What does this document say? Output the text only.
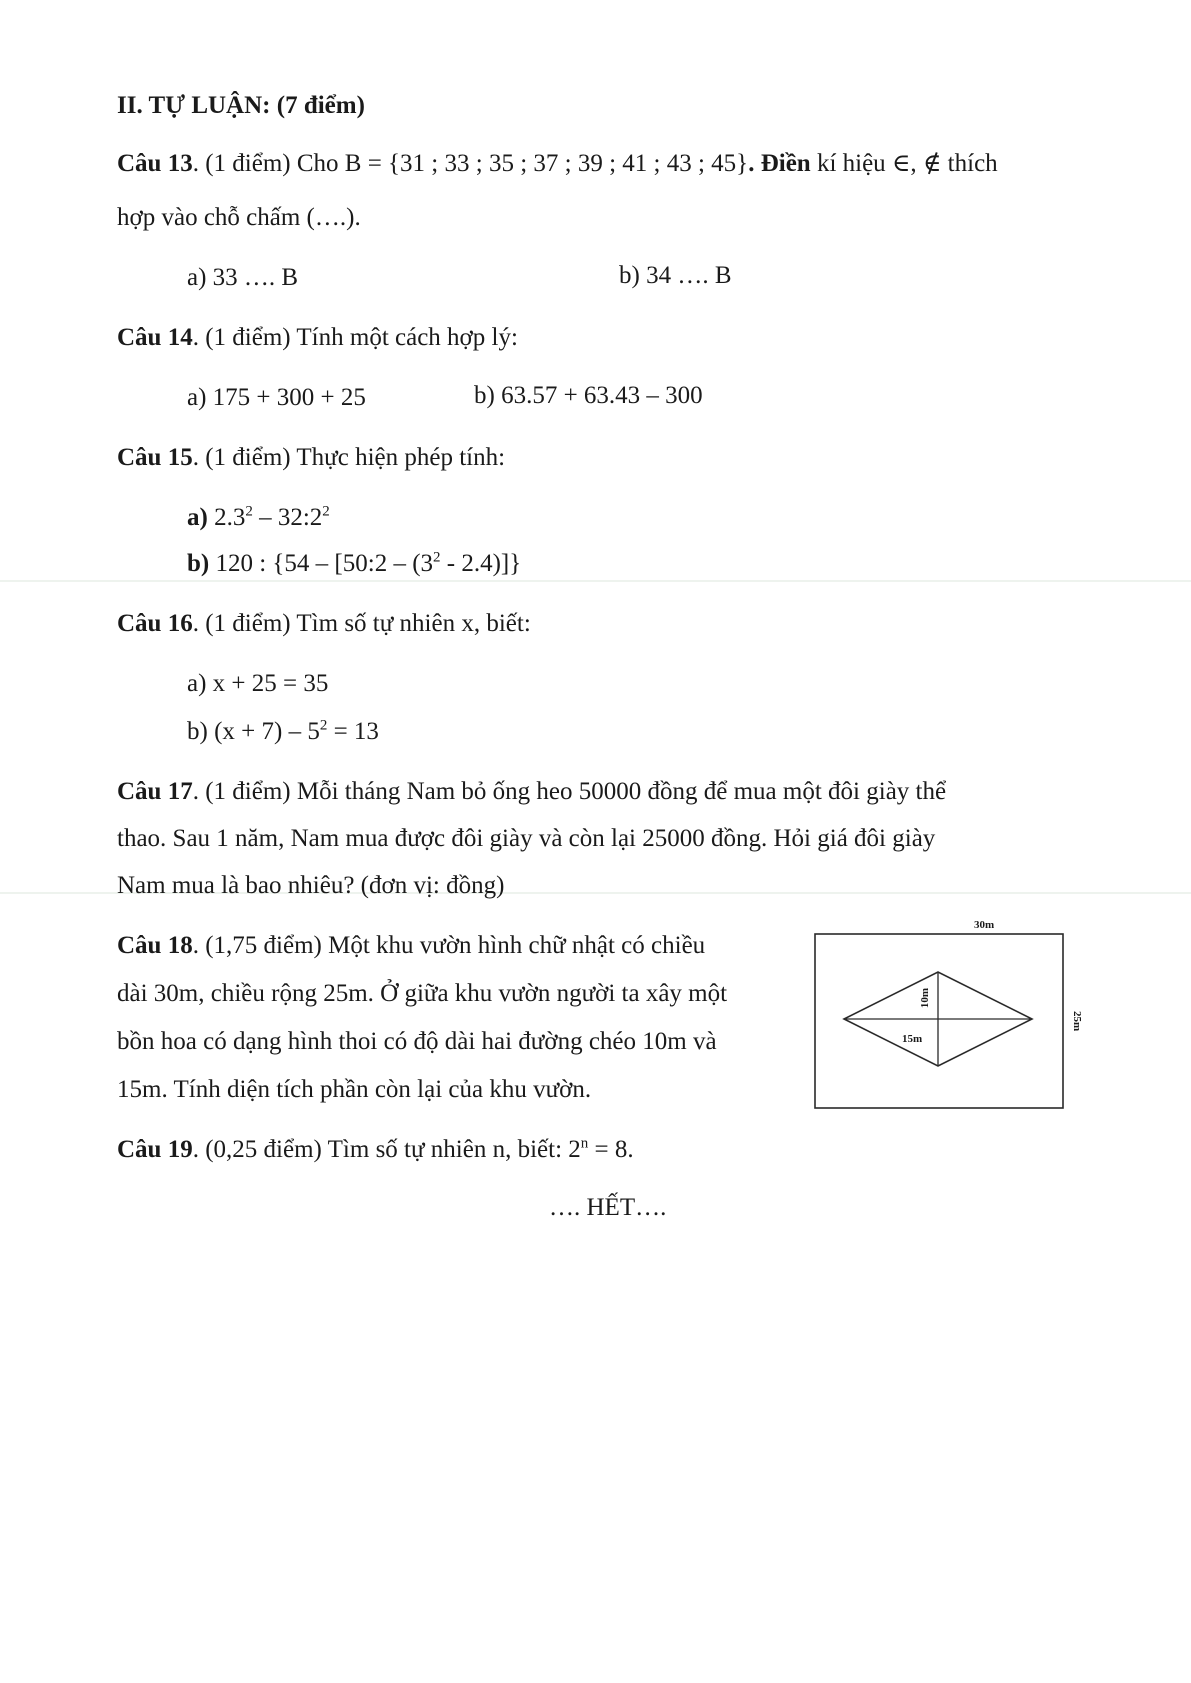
II. TỰ LUẬN: (7 điểm)
Câu 13. (1 điểm) Cho B = {31 ; 33 ; 35 ; 37 ; 39 ; 41 ; 43 ; 45}. Điền kí hiệu ∈, ∉ thích
hợp vào chỗ chấm (….).
a) 33 …. B	b) 34 …. B
Câu 14. (1 điểm) Tính một cách hợp lý:
a) 175 + 300 + 25	b) 63.57 + 63.43 – 300
Câu 15. (1 điểm) Thực hiện phép tính:
a) $2.3^2$ – $32:2^2$
b) 120 : {54 – [50:2 – $(3^2 - 2.4)$]}
Câu 16. (1 điểm) Tìm số tự nhiên x, biết:
a) x + 25 = 35
b) $(x + 7) - 5^2 = 13$
Câu 17. (1 điểm) Mỗi tháng Nam bỏ ống heo 50000 đồng để mua một đôi giày thể
thao. Sau 1 năm, Nam mua được đôi giày và còn lại 25000 đồng. Hỏi giá đôi giày
Nam mua là bao nhiêu? (đơn vị: đồng)
Câu 18. (1,75 điểm) Một khu vườn hình chữ nhật có chiều
dài 30m, chiều rộng 25m. Ở giữa khu vườn người ta xây một
bồn hoa có dạng hình thoi có độ dài hai đường chéo 10m và
15m. Tính diện tích phần còn lại của khu vườn.
30m
25m
10m
15m
Câu 19. (0,25 điểm) Tìm số tự nhiên n, biết: $2^n = 8$.
…. HẾT….
